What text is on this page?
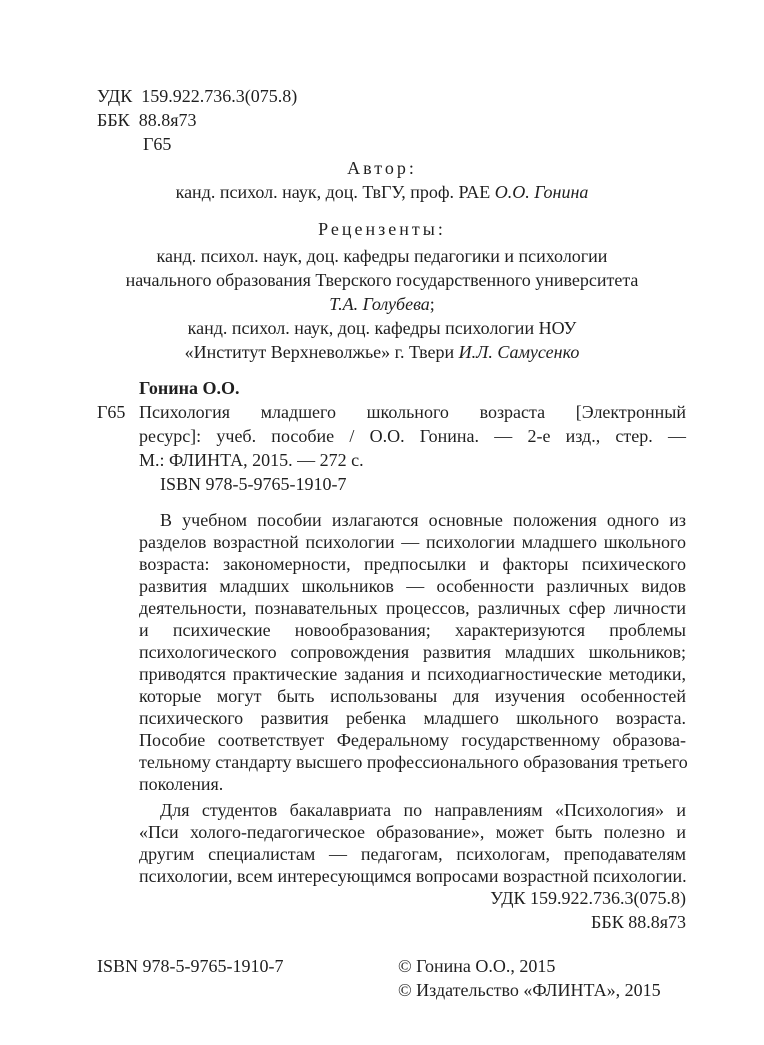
УДК 159.922.736.3(075.8)
ББК 88.8я73
Г65
Автор:
канд. психол. наук, доц. ТвГУ, проф. РАЕ О.О. Гонина
Рецензенты:
канд. психол. наук, доц. кафедры педагогики и психологии
начального образования Тверского государственного университета
Т.А. Голубева;
канд. психол. наук, доц. кафедры психологии НОУ
«Институт Верхневолжье» г. Твери И.Л. Самусенко
Гонина О.О.
Г65 Психология младшего школьного возраста [Электронный
ресурс]: учеб. пособие / О.О. Гонина. — 2-е изд., стер. —
М.: ФЛИНТА, 2015. — 272 с.
ISBN 978-5-9765-1910-7
В учебном пособии излагаются основные положения одного из
разделов возрастной психологии — психологии младшего школьного
возраста: закономерности, предпосылки и факторы психического
развития младших школьников — особенности различных видов
деятельности, познавательных процессов, различных сфер личности
и психические новообразования; характеризуются проблемы
психологического сопровождения развития младших школьников;
приводятся практические задания и психодиагностические методики,
которые могут быть использованы для изучения особенностей
психического развития ребенка младшего школьного возраста.
Пособие соответствует Федеральному государственному образова-
тельному стандарту высшего профессионального образования третьего
поколения.
Для студентов бакалавриата по направлениям «Психология» и
«Пси холого-педагогическое образование», может быть полезно и
другим специалистам — педагогам, психологам, преподавателям
психологии, всем интересующимся вопросами возрастной психологии.
УДК 159.922.736.3(075.8)
ББК 88.8я73
ISBN 978-5-9765-1910-7	© Гонина О.О., 2015
© Издательство «ФЛИНТА», 2015
